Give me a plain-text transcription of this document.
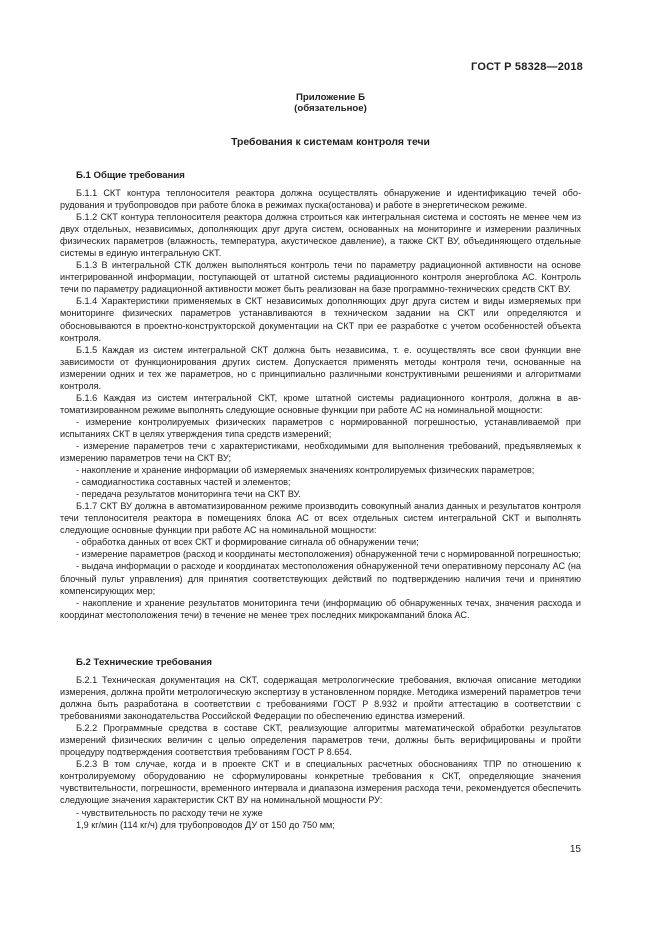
ГОСТ Р 58328—2018
Приложение Б
(обязательное)
Требования к системам контроля течи
Б.1 Общие требования

Б.1.1 СКТ контура теплоносителя реактора должна осуществлять обнаружение и идентификацию течей оборудования и трубопроводов при работе блока в режимах пуска(останова) и работе в энергетическом режиме.

Б.1.2 СКТ контура теплоносителя реактора должна строиться как интегральная система и состоять не менее чем из двух отдельных, независимых, дополняющих друг друга систем, основанных на мониторинге и измерении различных физических параметров (влажность, температура, акустическое давление), а также СКТ ВУ, объединяющего отдельные системы в единую интегральную СКТ.

Б.1.3 В интегральной СТК должен выполняться контроль течи по параметру радиационной активности на основе интегрированной информации, поступающей от штатной системы радиационного контроля энергоблока АС. Контроль течи по параметру радиационной активности может быть реализован на базе программно-технических средств СКТ ВУ.

Б.1.4 Характеристики применяемых в СКТ независимых дополняющих друг друга систем и виды измеряемых при мониторинге физических параметров устанавливаются в техническом задании на СКТ или определяются и обосновываются в проектно-конструкторской документации на СКТ при ее разработке с учетом особенностей объекта контроля.

Б.1.5 Каждая из систем интегральной СКТ должна быть независима, т. е. осуществлять все свои функции вне зависимости от функционирования других систем. Допускается применять методы контроля течи, основанные на измерении одних и тех же параметров, но с принципиально различными конструктивными решениями и алгоритмами контроля.

Б.1.6 Каждая из систем интегральной СКТ, кроме штатной системы радиационного контроля, должна в автоматизированном режиме выполнять следующие основные функции при работе АС на номинальной мощности:

- измерение контролируемых физических параметров с нормированной погрешностью, устанавливаемой при испытаниях СКТ в целях утверждения типа средств измерений;

- измерение параметров течи с характеристиками, необходимыми для выполнения требований, предъявляемых к измерению параметров течи на СКТ ВУ;

- накопление и хранение информации об измеряемых значениях контролируемых физических параметров;

- самодиагностика составных частей и элементов;

- передача результатов мониторинга течи на СКТ ВУ.

Б.1.7 СКТ ВУ должна в автоматизированном режиме производить совокупный анализ данных и результатов контроля течи теплоносителя реактора в помещениях блока АС от всех отдельных систем интегральной СКТ и выполнять следующие основные функции при работе АС на номинальной мощности:

- обработка данных от всех СКТ и формирование сигнала об обнаружении течи;

- измерение параметров (расход и координаты местоположения) обнаруженной течи с нормированной погрешностью;

- выдача информации о расходе и координатах местоположения обнаруженной течи оперативному персоналу АС (на блочный пульт управления) для принятия соответствующих действий по подтверждению наличия течи и принятию компенсирующих мер;

- накопление и хранение результатов мониторинга течи (информацию об обнаруженных течах, значения расхода и координат местоположения течи) в течение не менее трех последних микрокампаний блока АС.

Б.2 Технические требования

Б.2.1 Техническая документация на СКТ, содержащая метрологические требования, включая описание методики измерения, должна пройти метрологическую экспертизу в установленном порядке. Методика измерений параметров течи должна быть разработана в соответствии с требованиями ГОСТ Р 8.932 и пройти аттестацию в соответствии с требованиями законодательства Российской Федерации по обеспечению единства измерений.

Б.2.2 Программные средства в составе СКТ, реализующие алгоритмы математической обработки результатов измерений физических величин с целью определения параметров течи, должны быть верифицированы и пройти процедуру подтверждения соответствия требованиям ГОСТ Р 8.654.

Б.2.3 В том случае, когда и в проекте СКТ и в специальных расчетных обоснованиях ТПР по отношению к контролируемому оборудованию не сформулированы конкретные требования к СКТ, определяющие значения чувствительности, погрешности, временного интервала и диапазона измерения расхода течи, рекомендуется обеспечить следующие значения характеристик СКТ ВУ на номинальной мощности РУ:

- чувствительность по расходу течи не хуже

1,9 кг/мин (114 кг/ч) для трубопроводов ДУ от 150 до 750 мм;

15
